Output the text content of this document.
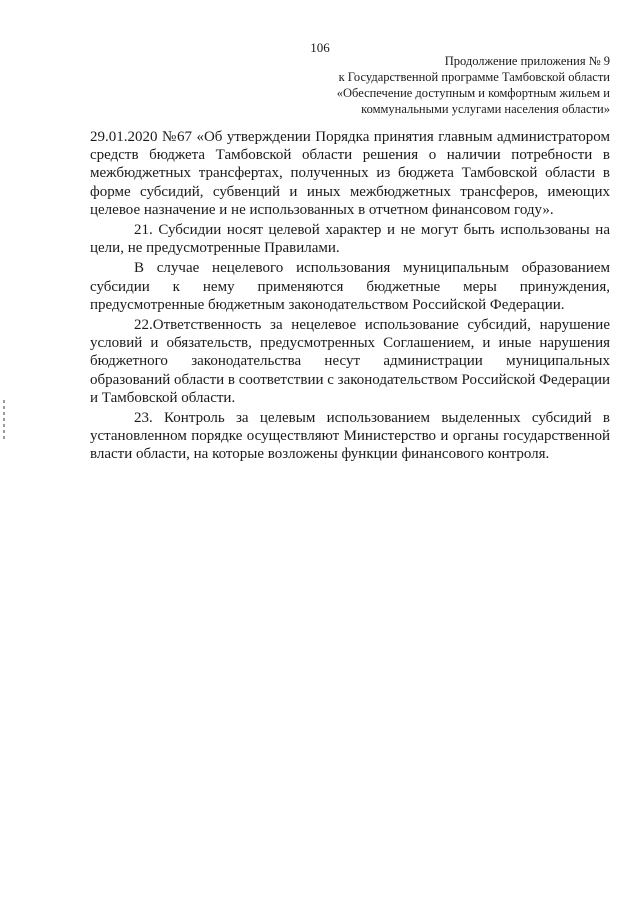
106
Продолжение приложения № 9
к Государственной программе Тамбовской области
«Обеспечение доступным и комфортным жильем и
коммунальными услугами населения области»

29.01.2020 №67 «Об утверждении Порядка принятия главным администратором средств бюджета Тамбовской области решения о наличии потребности в межбюджетных трансфертах, полученных из бюджета Тамбовской области в форме субсидий, субвенций и иных межбюджетных трансферов, имеющих целевое назначение и не использованных в отчетном финансовом году».

21. Субсидии носят целевой характер и не могут быть использованы на цели, не предусмотренные Правилами.

В случае нецелевого использования муниципальным образованием субсидии к нему применяются бюджетные меры принуждения, предусмотренные бюджетным законодательством Российской Федерации.

22.Ответственность за нецелевое использование субсидий, нарушение условий и обязательств, предусмотренных Соглашением, и иные нарушения бюджетного законодательства несут администрации муниципальных образований области в соответствии с законодательством Российской Федерации и Тамбовской области.

23. Контроль за целевым использованием выделенных субсидий в установленном порядке осуществляют Министерство и органы государственной власти области, на которые возложены функции финансового контроля.
